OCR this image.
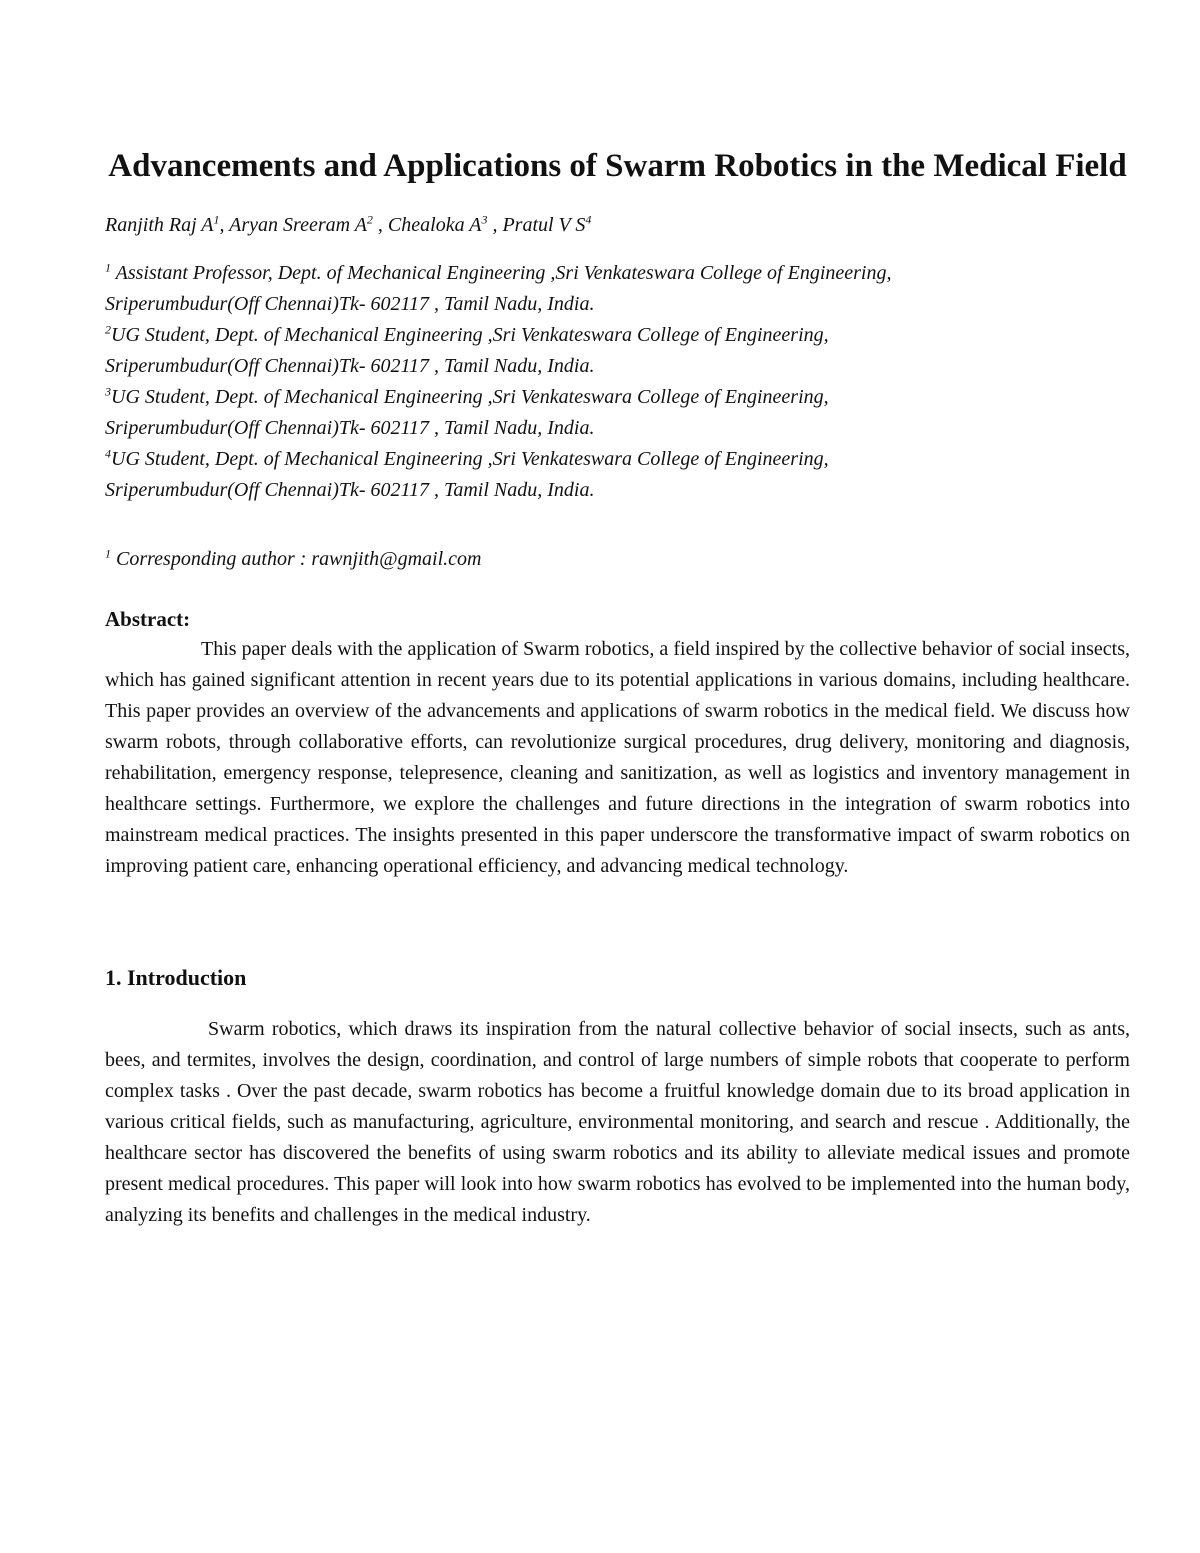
Advancements and Applications of Swarm Robotics in the Medical Field
Ranjith Raj $A^1$, Aryan Sreeram $A^2$ , Chealoka $A^3$ , Pratul V $S^4$
$^1$ Assistant Professor, Dept. of Mechanical Engineering ,Sri Venkateswara College of Engineering,
Sriperumbudur(Off Chennai)Tk- 602117 , Tamil Nadu, India.
$^2$UG Student, Dept. of Mechanical Engineering ,Sri Venkateswara College of Engineering,
Sriperumbudur(Off Chennai)Tk- 602117 , Tamil Nadu, India.
$^3$UG Student, Dept. of Mechanical Engineering ,Sri Venkateswara College of Engineering,
Sriperumbudur(Off Chennai)Tk- 602117 , Tamil Nadu, India.
$^4$UG Student, Dept. of Mechanical Engineering ,Sri Venkateswara College of Engineering,
Sriperumbudur(Off Chennai)Tk- 602117 , Tamil Nadu, India.
$^1$ Corresponding author : rawnjith@gmail.com
Abstract:

This paper deals with the application of Swarm robotics, a field inspired by the collective behavior of social insects, which has gained significant attention in recent years due to its potential applications in various domains, including healthcare. This paper provides an overview of the advancements and applications of swarm robotics in the medical field. We discuss how swarm robots, through collaborative efforts, can revolutionize surgical procedures, drug delivery, monitoring and diagnosis, rehabilitation, emergency response, telepresence, cleaning and sanitization, as well as logistics and inventory management in healthcare settings. Furthermore, we explore the challenges and future directions in the integration of swarm robotics into mainstream medical practices. The insights presented in this paper underscore the transformative impact of swarm robotics on improving patient care, enhancing operational efficiency, and advancing medical technology.

1. Introduction

Swarm robotics, which draws its inspiration from the natural collective behavior of social insects, such as ants, bees, and termites, involves the design, coordination, and control of large numbers of simple robots that cooperate to perform complex tasks . Over the past decade, swarm robotics has become a fruitful knowledge domain due to its broad application in various critical fields, such as manufacturing, agriculture, environmental monitoring, and search and rescue . Additionally, the healthcare sector has discovered the benefits of using swarm robotics and its ability to alleviate medical issues and promote present medical procedures. This paper will look into how swarm robotics has evolved to be implemented into the human body, analyzing its benefits and challenges in the medical industry.
